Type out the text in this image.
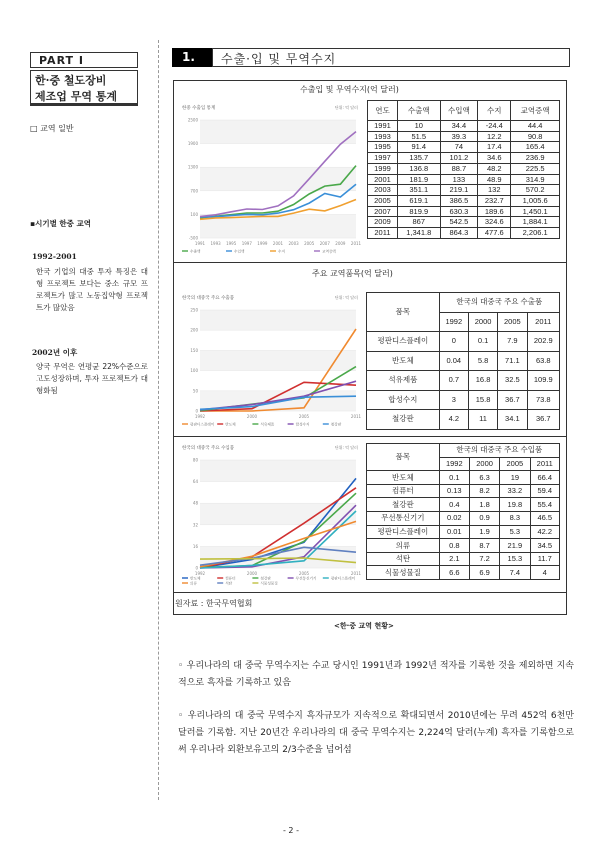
PART Ⅰ
한·중 철도장비
제조업 무역 통계
□ 교역 일반
▪시기별 한중 교역
1992-2001
한국 기업의 대중 투자 특징은 대형 프로젝트 보다는 중소 규모 프로젝트가 많고 노동집약형 프로젝트가 많았음
2002년 이후
양국 무역은 연평균 22%수준으로 고도성장하며, 투자 프로젝트가 대형화됨
1.	수출·입 및 무역수지
수출입 및 무역수지(억 달러)
주요 교역품목(억 달러)
원자료 : 한국무역협회
<한·중 교역 현황>
한중 수출입 통계	단위: 억 달러
-500
100
700
1300
1900
2500
1991 1993 1995 1997 1999 2001 2003 2005 2007 2009 2011
수출액	수입액	수지	교역증액
한국의 대중국 주요 수출품	단위: 억 달러
0
50
100
150
200
250
1992	2000	2005	2011
평판디스플레이	반도체	석유제품	합성수지	철강판
한국의 대중국 주요 수입품	단위: 억 달러
0
16
32
48
64
80
1992	2000	2005	2011
반도체	컴퓨터	철강판	무선통신기기	평판디스플레이
의류	석탄	식물성물질
연도	수출액	수입액	수지	교역증액
1991	10	34.4	-24.4	44.4
1993	51.5	39.3	12.2	90.8
1995	91.4	74	17.4	165.4
1997	135.7	101.2	34.6	236.9
1999	136.8	88.7	48.2	225.5
2001	181.9	133	48.9	314.9
2003	351.1	219.1	132	570.2
2005	619.1	386.5	232.7	1,005.6
2007	819.9	630.3	189.6	1,450.1
2009	867	542.5	324.6	1,884.1
2011	1,341.8	864.3	477.6	2,206.1
품목	한국의 대중국 주요 수출품			
	1992	2000	2005	2011
평판디스플레이	0	0.1	7.9	202.9
반도체	0.04	5.8	71.1	63.8
석유제품	0.7	16.8	32.5	109.9
합성수지	3	15.8	36.7	73.8
철강판	4.2	11	34.1	36.7
품목	한국의 대중국 주요 수입품			
	1992	2000	2005	2011
반도체	0.1	6.3	19	66.4
컴퓨터	0.13	8.2	33.2	59.4
철강판	0.4	1.8	19.8	55.4
무선통신기기	0.02	0.9	8.3	46.5
평판디스플레이	0.01	1.9	5.3	42.2
의류	0.8	8.7	21.9	34.5
석탄	2.1	7.2	15.3	11.7
식물성물질	6.6	6.9	7.4	4
◦ 우리나라의 대 중국 무역수지는 수교 당시인 1991년과 1992년 적자를 기록한 것을 제외하면 지속적으로 흑자를 기록하고 있음
◦ 우리나라의 대 중국 무역수지 흑자규모가 지속적으로 확대되면서 2010년에는 무려 452억 6천만 달러를 기록함. 지난 20년간 우리나라의 대 중국 무역수지는 2,224억 달러(누계) 흑자를 기록함으로써 우리나라 외환보유고의 2/3수준을 넘어섬
- 2 -
